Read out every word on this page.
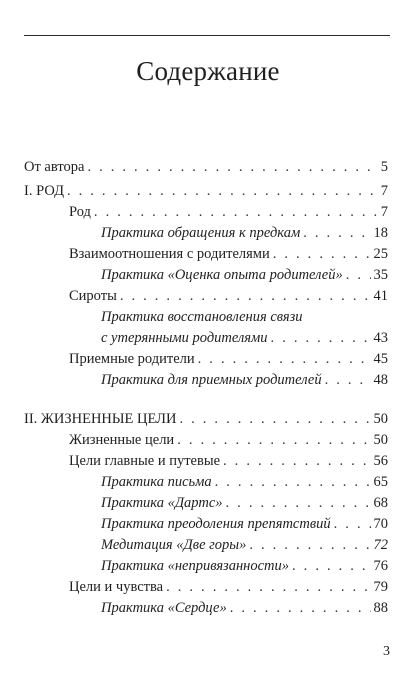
Содержание
От автора . . .	5
I. РОД . . .	7
Род . . .	7
Практика обращения к предкам . . .	18
Взаимоотношения с родителями . . .	25
Практика «Оценка опыта родителей» . . . 35
Сироты . . .	41
Практика восстановления связи
с утерянными родителями . . .	43
Приемные родители . . .	45
Практика для приемных родителей . . .	48
II. ЖИЗНЕННЫЕ ЦЕЛИ . . .	50
Жизненные цели . . .	50
Цели главные и путевые . . .	56
Практика письма . . .	65
Практика «Дартс» . . .	68
Практика преодоления препятствий . . .	70
Медитация «Две горы» . . .	72
Практика «непривязанности» . . .	76
Цели и чувства . . .	79
Практика «Сердце» . . .	88
3
